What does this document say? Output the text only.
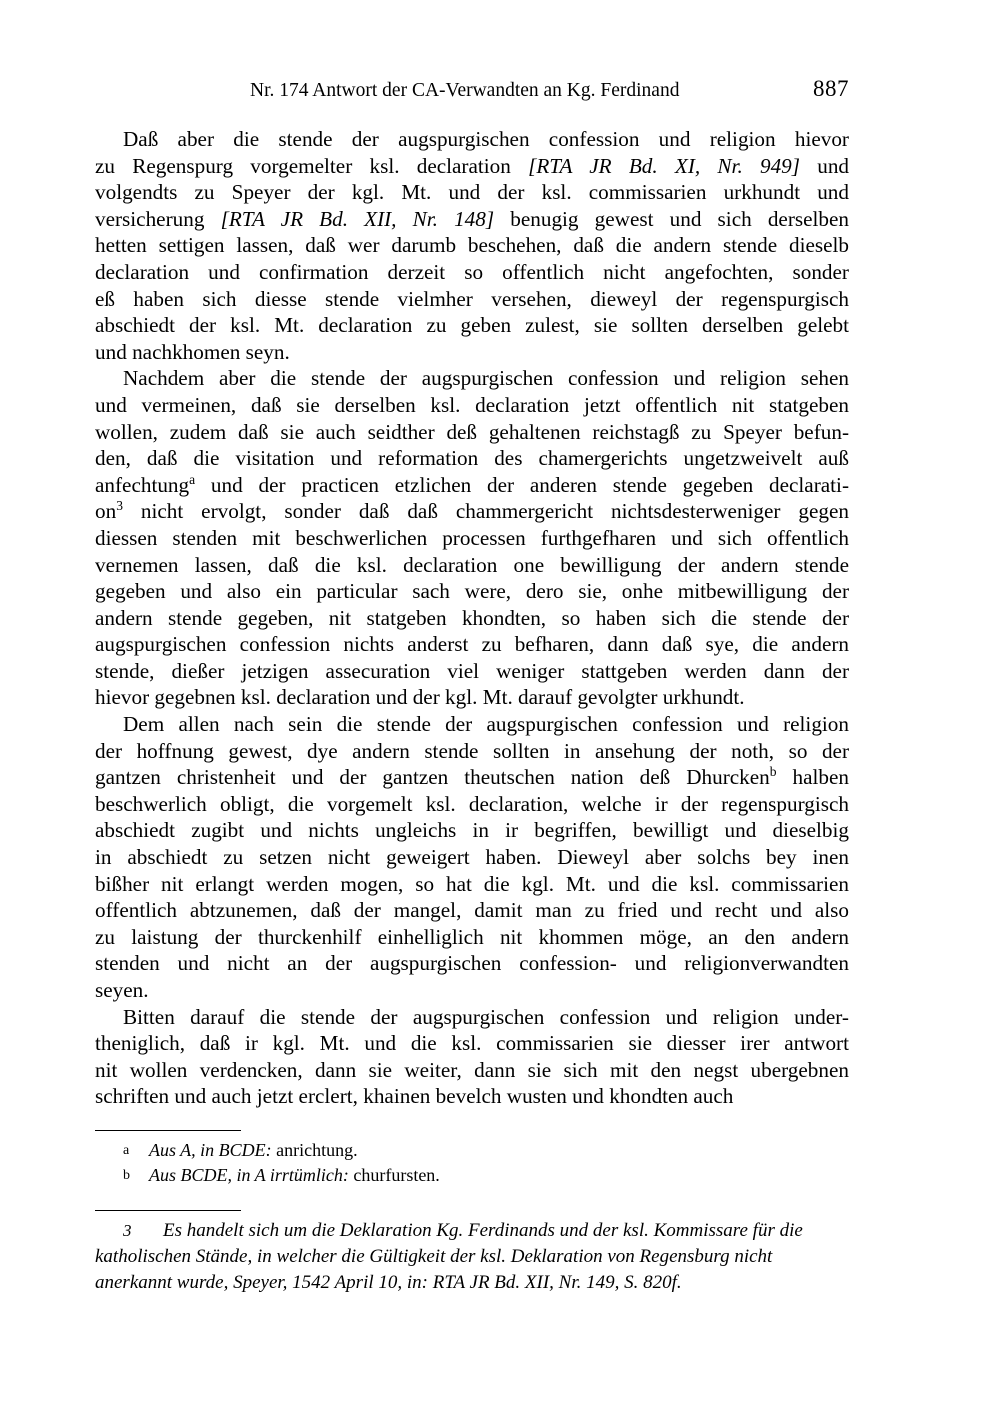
Nr. 174 Antwort der CA-Verwandten an Kg. Ferdinand	887

Daß aber die stende der augspurgischen confession und religion hievor
zu Regenspurg vorgemelter ksl. declaration [RTA JR Bd. XI, Nr. 949] und
volgendts zu Speyer der kgl. Mt. und der ksl. commissarien urkhundt und
versicherung [RTA JR Bd. XII, Nr. 148] benugig gewest und sich derselben
hetten settigen lassen, daß wer darumb beschehen, daß die andern stende dieselb
declaration und confirmation derzeit so offentlich nicht angefochten, sonder
eß haben sich diesse stende vielmher versehen, dieweyl der regenspurgisch
abschiedt der ksl. Mt. declaration zu geben zulest, sie sollten derselben gelebt
und nachkhomen seyn.

Nachdem aber die stende der augspurgischen confession und religion sehen
und vermeinen, daß sie derselben ksl. declaration jetzt offentlich nit statgeben
wollen, zudem daß sie auch seidther deß gehaltenen reichstagß zu Speyer befun-
den, daß die visitation und reformation des chamergerichts ungetzweivelt auß
anfechtung$^a$ und der practicen etzlichen der anderen stende gegeben declarati-
$on^3$ nicht ervolgt, sonder daß daß chammergericht nichtsdesterweniger gegen
diessen stenden mit beschwerlichen processen furthgefharen und sich offentlich
vernemen lassen, daß die ksl. declaration one bewilligung der andern stende
gegeben und also ein particular sach were, dero sie, onhe mitbewilligung der
andern stende gegeben, nit statgeben khondten, so haben sich die stende der
augspurgischen confession nichts anderst zu befharen, dann daß sye, die andern
stende, dießer jetzigen assecuration viel weniger stattgeben werden dann der
hievor gegebnen ksl. declaration und der kgl. Mt. darauf gevolgter urkhundt.

Dem allen nach sein die stende der augspurgischen confession und religion
der hoffnung gewest, dye andern stende sollten in ansehung der noth, so der
gantzen christenheit und der gantzen theutschen nation deß Dhurcken$^b$ halben
beschwerlich obligt, die vorgemelt ksl. declaration, welche ir der regenspurgisch
abschiedt zugibt und nichts ungleichs in ir begriffen, bewilligt und dieselbig
in abschiedt zu setzen nicht geweigert haben. Dieweyl aber solchs bey inen
bißher nit erlangt werden mogen, so hat die kgl. Mt. und die ksl. commissarien
offentlich abtzunemen, daß der mangel, damit man zu fried und recht und also
zu laistung der thurckenhilf einhelliglich nit khommen möge, an den andern
stenden und nicht an der augspurgischen confession- und religionverwandten
seyen.

Bitten darauf die stende der augspurgischen confession und religion under-
theniglich, daß ir kgl. Mt. und die ksl. commissarien sie diesser irer antwort
nit wollen verdencken, dann sie weiter, dann sie sich mit den negst ubergebnen
schriften und auch jetzt erclert, khainen bevelch wusten und khondten auch

a Aus A, in BCDE: anrichtung.
b Aus BCDE, in A irrtümlich: churfursten.
3 Es handelt sich um die Deklaration Kg. Ferdinands und der ksl. Kommissare für die
katholischen Stände, in welcher die Gültigkeit der ksl. Deklaration von Regensburg nicht
anerkannt wurde, Speyer, 1542 April 10, in: RTA JR Bd. XII, Nr. 149, S. 820f.
